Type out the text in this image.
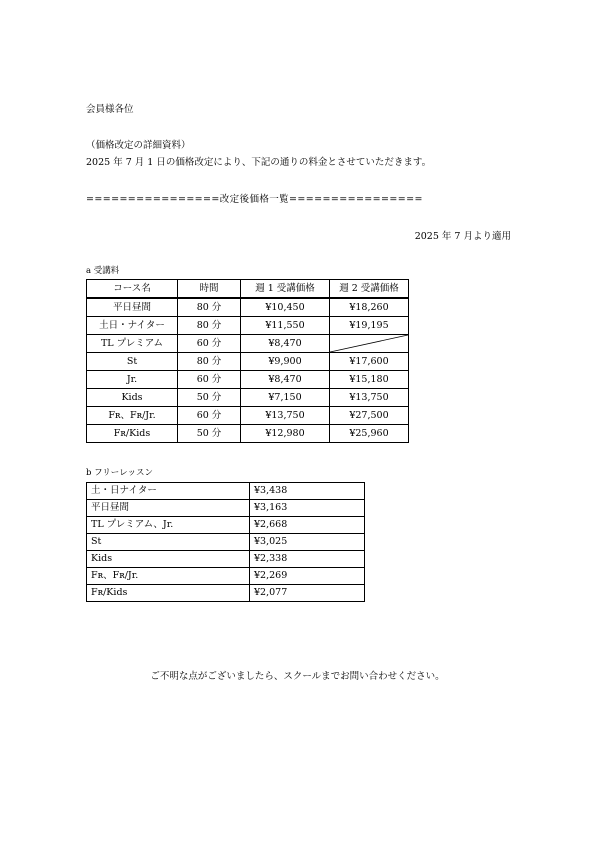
会員様各位
（価格改定の詳細資料）
2025 年 7 月 1 日の価格改定により、下記の通りの料金とさせていただきます。
================改定後価格一覧================
2025 年 7 月より適用
a 受講料
コース名	時間	週 1 受講価格	週 2 受講価格
平日昼間	80 分	¥10,450	¥18,260
土日・ナイター	80 分	¥11,550	¥19,195
TL プレミアム	60 分	¥8,470	

St	80 分	¥9,900	¥17,600
Jr.	60 分	¥8,470	¥15,180
Kids	50 分	¥7,150	¥13,750
Fʀ、Fʀ/Jr.	60 分	¥13,750	¥27,500
Fʀ/Kids	50 分	¥12,980	¥25,960
b フリーレッスン
土・日ナイター	¥3,438
平日昼間	¥3,163
TL プレミアム、Jr.	¥2,668
St	¥3,025
Kids	¥2,338
Fʀ、Fʀ/Jr.	¥2,269
Fʀ/Kids	¥2,077
ご不明な点がございましたら、スクールまでお問い合わせください。
